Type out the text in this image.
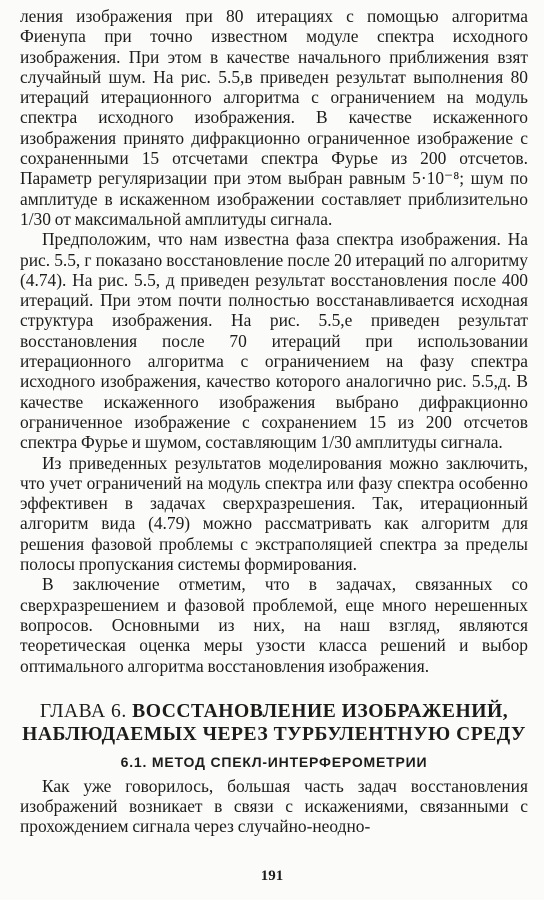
ления изображения при 80 итерациях с помощью алгоритма Фиенупа при точно известном модуле спектра исходного изображения. При этом в качестве начального приближения взят случайный шум. На рис. 5.5,в приведен результат выполнения 80 итераций итерационного алгоритма с ограничением на модуль спектра исходного изображения. В качестве искаженного изображения принято дифракционно ограниченное изображение с сохраненными 15 отсчетами спектра Фурье из 200 отсчетов. Параметр регуляризации при этом выбран равным 5·10⁻⁸; шум по амплитуде в искаженном изображении составляет приблизительно 1/30 от максимальной амплитуды сигнала.

Предположим, что нам известна фаза спектра изображения. На рис. 5.5, г показано восстановление после 20 итераций по алгоритму (4.74). На рис. 5.5, д приведен результат восстановления после 400 итераций. При этом почти полностью восстанавливается исходная структура изображения. На рис. 5.5,е приведен результат восстановления после 70 итераций при использовании итерационного алгоритма с ограничением на фазу спектра исходного изображения, качество которого аналогично рис. 5.5,д. В качестве искаженного изображения выбрано дифракционно ограниченное изображение с сохранением 15 из 200 отсчетов спектра Фурье и шумом, составляющим 1/30 амплитуды сигнала.

Из приведенных результатов моделирования можно заключить, что учет ограничений на модуль спектра или фазу спектра особенно эффективен в задачах сверхразрешения. Так, итерационный алгоритм вида (4.79) можно рассматривать как алгоритм для решения фазовой проблемы с экстраполяцией спектра за пределы полосы пропускания системы формирования.

В заключение отметим, что в задачах, связанных со сверхразрешением и фазовой проблемой, еще много нерешенных вопросов. Основными из них, на наш взгляд, являются теоретическая оценка меры узости класса решений и выбор оптимального алгоритма восстановления изображения.

ГЛАВА 6. ВОССТАНОВЛЕНИЕ ИЗОБРАЖЕНИЙ, НАБЛЮДАЕМЫХ ЧЕРЕЗ ТУРБУЛЕНТНУЮ СРЕДУ
6.1. МЕТОД СПЕКЛ-ИНТЕРФЕРОМЕТРИИ

Как уже говорилось, большая часть задач восстановления изображений возникает в связи с искажениями, связанными с прохождением сигнала через случайно-неодно-

191
